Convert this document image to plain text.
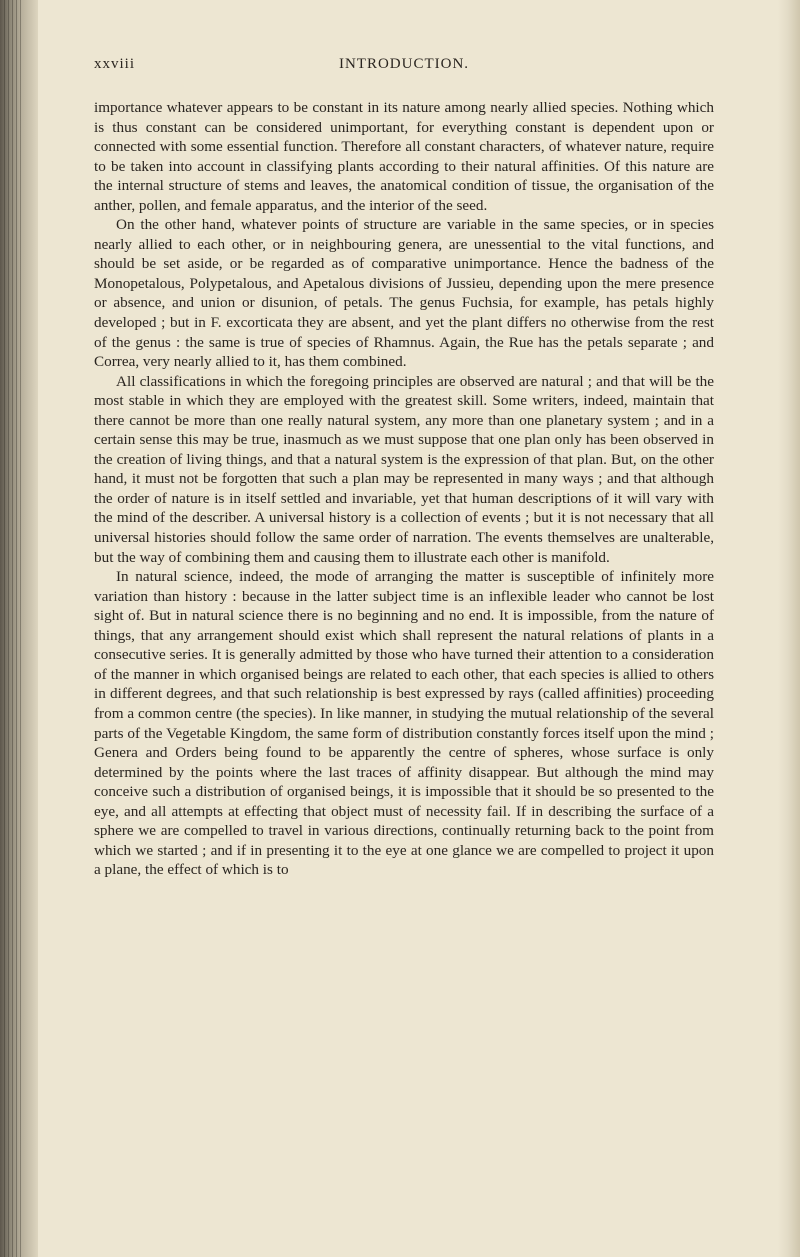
xxviii	INTRODUCTION.

importance whatever appears to be constant in its nature among nearly allied species. Nothing which is thus constant can be considered unimportant, for everything constant is dependent upon or connected with some essential function. Therefore all constant characters, of whatever nature, require to be taken into account in classifying plants according to their natural affinities. Of this nature are the internal structure of stems and leaves, the anatomical condition of tissue, the organisation of the anther, pollen, and female apparatus, and the interior of the seed.

On the other hand, whatever points of structure are variable in the same species, or in species nearly allied to each other, or in neighbouring genera, are unessential to the vital functions, and should be set aside, or be regarded as of comparative unimportance. Hence the badness of the Monopetalous, Polypetalous, and Apetalous divisions of Jussieu, depending upon the mere presence or absence, and union or disunion, of petals. The genus Fuchsia, for example, has petals highly developed ; but in F. excorticata they are absent, and yet the plant differs no otherwise from the rest of the genus : the same is true of species of Rhamnus. Again, the Rue has the petals separate ; and Correa, very nearly allied to it, has them combined.

All classifications in which the foregoing principles are observed are natural ; and that will be the most stable in which they are employed with the greatest skill. Some writers, indeed, maintain that there cannot be more than one really natural system, any more than one planetary system ; and in a certain sense this may be true, inasmuch as we must suppose that one plan only has been observed in the creation of living things, and that a natural system is the expression of that plan. But, on the other hand, it must not be forgotten that such a plan may be represented in many ways ; and that although the order of nature is in itself settled and invariable, yet that human descriptions of it will vary with the mind of the describer. A universal history is a collection of events ; but it is not necessary that all universal histories should follow the same order of narration. The events themselves are unalterable, but the way of combining them and causing them to illustrate each other is manifold.

In natural science, indeed, the mode of arranging the matter is susceptible of infinitely more variation than history : because in the latter subject time is an inflexible leader who cannot be lost sight of. But in natural science there is no beginning and no end. It is impossible, from the nature of things, that any arrangement should exist which shall represent the natural relations of plants in a consecutive series. It is generally admitted by those who have turned their attention to a consideration of the manner in which organised beings are related to each other, that each species is allied to others in different degrees, and that such relationship is best expressed by rays (called affinities) proceeding from a common centre (the species). In like manner, in studying the mutual relationship of the several parts of the Vegetable Kingdom, the same form of distribution constantly forces itself upon the mind ; Genera and Orders being found to be apparently the centre of spheres, whose surface is only determined by the points where the last traces of affinity disappear. But although the mind may conceive such a distribution of organised beings, it is impossible that it should be so presented to the eye, and all attempts at effecting that object must of necessity fail. If in describing the surface of a sphere we are compelled to travel in various directions, continually returning back to the point from which we started ; and if in presenting it to the eye at one glance we are compelled to project it upon a plane, the effect of which is to
